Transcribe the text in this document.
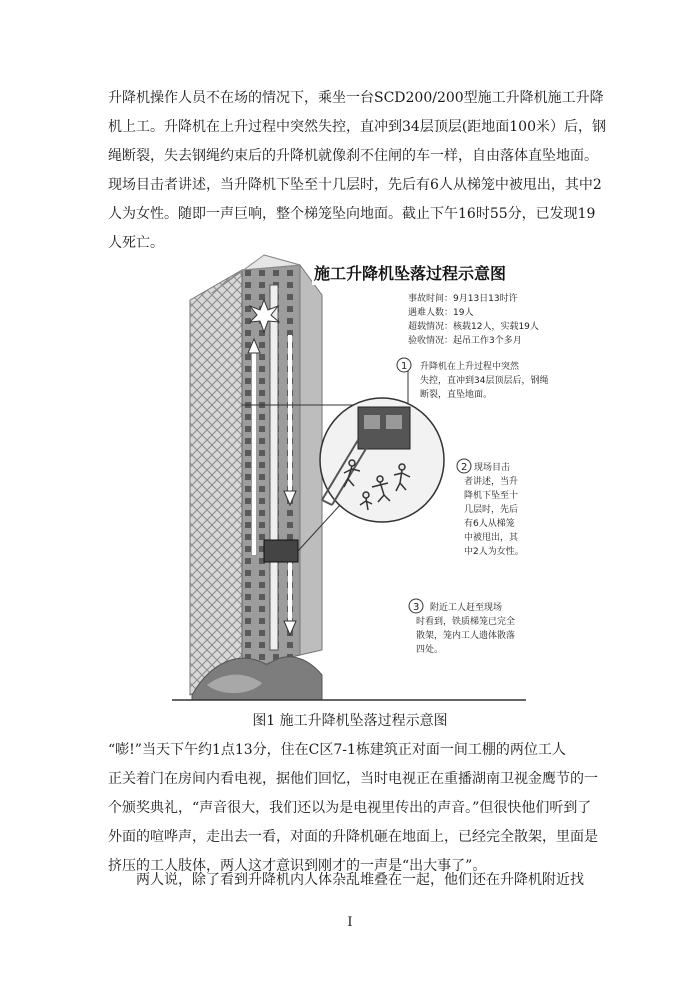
升降机操作人员不在场的情况下，乘坐一台SCD200/200型施工升降机施工升降
机上工。升降机在上升过程中突然失控，直冲到34层顶层(距地面100米）后，钢
绳断裂，失去钢绳约束后的升降机就像刹不住闸的车一样，自由落体直坠地面。
现场目击者讲述，当升降机下坠至十几层时，先后有6人从梯笼中被甩出，其中2
人为女性。随即一声巨响，整个梯笼坠向地面。截止下午16时55分，已发现19
人死亡。
施工升降机坠落过程示意图
事故时间：9月13日13时许
遇难人数：19人
超载情况：核载12人，实载19人
验收情况：起吊工作3个多月
1 升降机在上升过程中突然
失控，直冲到34层顶层后，钢绳
断裂，直坠地面。
2 现场目击
者讲述，当升
降机下坠至十
几层时，先后
有6人从梯笼
中被甩出，其
中2人为女性。
3 附近工人赶至现场
时看到，铁质梯笼已完全
散架，笼内工人遗体散落
四处。
图1 施工升降机坠落过程示意图
“嘭!”当天下午约1点13分，住在C区7-1栋建筑正对面一间工棚的两位工人
正关着门在房间内看电视，据他们回忆，当时电视正在重播湖南卫视金鹰节的一
个颁奖典礼，“声音很大，我们还以为是电视里传出的声音。”但很快他们听到了
外面的喧哗声，走出去一看，对面的升降机砸在地面上，已经完全散架，里面是
挤压的工人肢体，两人这才意识到刚才的一声是“出大事了”。
　　两人说，除了看到升降机内人体杂乱堆叠在一起，他们还在升降机附近找
I
